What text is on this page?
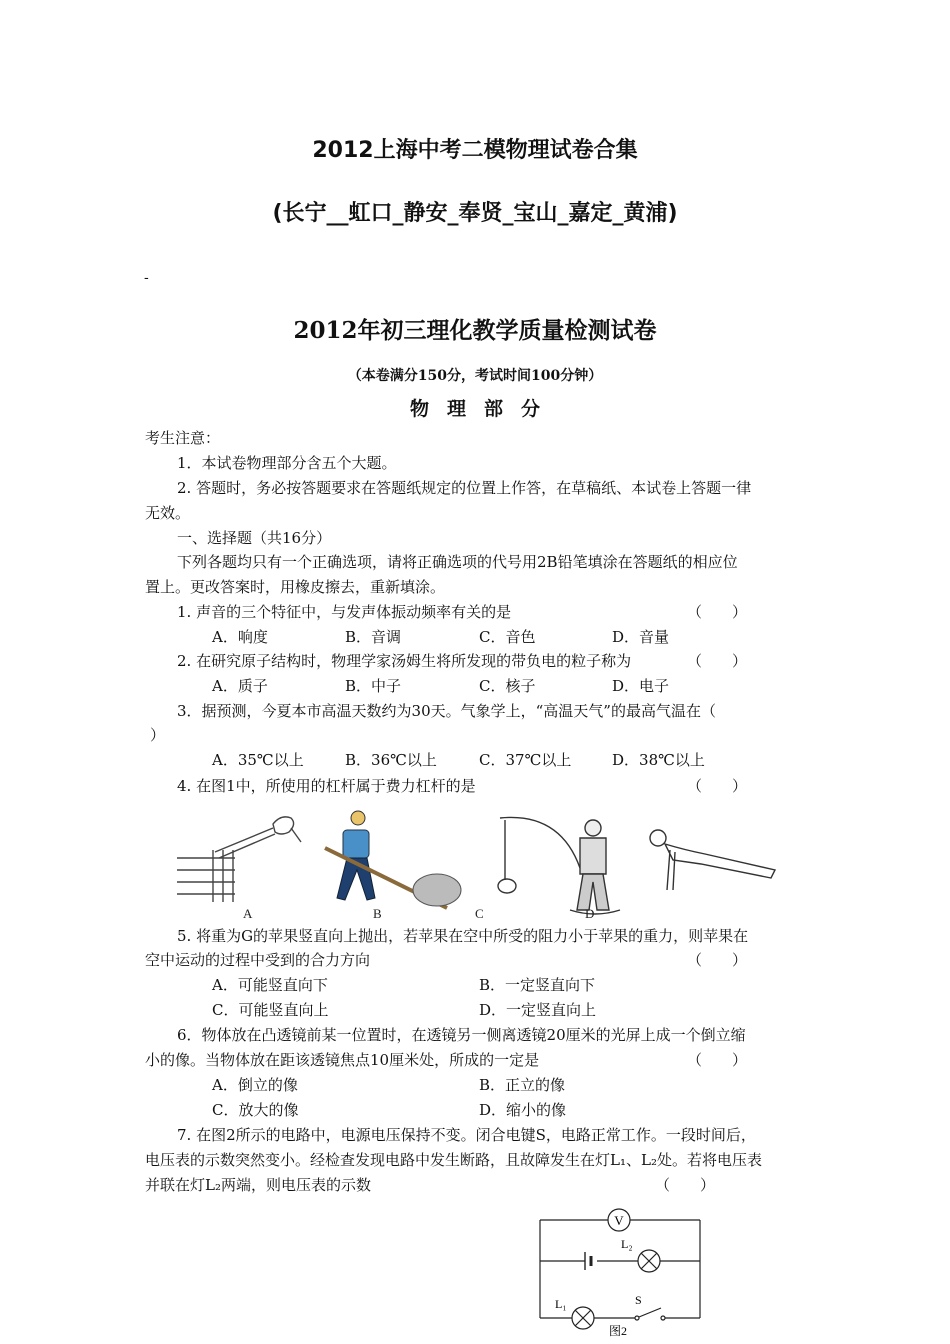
2012上海中考二模物理试卷合集
(长宁__虹口_静安_奉贤_宝山_嘉定_黄浦)
-
2012年初三理化教学质量检测试卷
（本卷满分150分，考试时间100分钟）
物理部分
考生注意：
1．本试卷物理部分含五个大题。
2. 答题时，务必按答题要求在答题纸规定的位置上作答，在草稿纸、本试卷上答题一律
无效。
一、选择题（共16分）
下列各题均只有一个正确选项，请将正确选项的代号用2B铅笔填涂在答题纸的相应位
置上。更改答案时，用橡皮擦去，重新填涂。
1. 声音的三个特征中，与发声体振动频率有关的是	（　　）
A．响度	B．音调	C．音色	D．音量
2. 在研究原子结构时，物理学家汤姆生将所发现的带负电的粒子称为	（　　）
A．质子	B．中子	C．核子	D．电子
3．据预测，今夏本市高温天数约为30天。气象学上，“高温天气”的最高气温在（
）
A．35℃以上	B．36℃以上	C．37℃以上	D．38℃以上
4. 在图1中，所使用的杠杆属于费力杠杆的是	（　　）
A	B	C	D
5. 将重为G的苹果竖直向上抛出，若苹果在空中所受的阻力小于苹果的重力，则苹果在
空中运动的过程中受到的合力方向	（　　）
A．可能竖直向下	B．一定竖直向下
C．可能竖直向上	D．一定竖直向上
6．物体放在凸透镜前某一位置时，在透镜另一侧离透镜20厘米的光屏上成一个倒立缩
小的像。当物体放在距该透镜焦点10厘米处，所成的一定是	（　　）
A．倒立的像	B．正立的像
C．放大的像	D．缩小的像
7. 在图2所示的电路中，电源电压保持不变。闭合电键S，电路正常工作。一段时间后，
电压表的示数突然变小。经检查发现电路中发生断路，且故障发生在灯L₁、L₂处。若将电压表
并联在灯L₂两端，则电压表的示数	（　　）
V
L₂
L₁	S
图2
